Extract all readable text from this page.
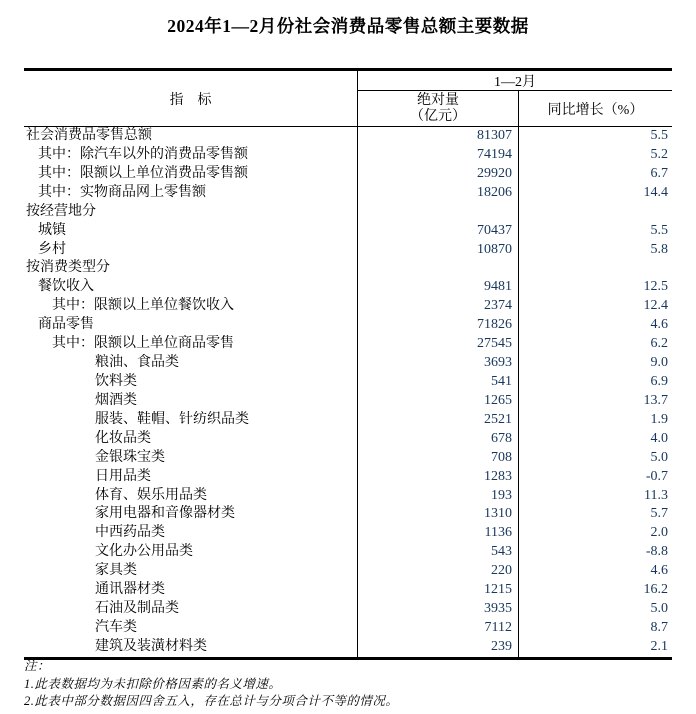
2024年1—2月份社会消费品零售总额主要数据
指　标
1—2月
绝对量
（亿元）	同比增长（%）
社会消费品零售总额	81307	5.5
其中：除汽车以外的消费品零售额	74194	5.2
其中：限额以上单位消费品零售额	29920	6.7
其中：实物商品网上零售额	18206	14.4
按经营地分
城镇	70437	5.5
乡村	10870	5.8
按消费类型分
餐饮收入	9481	12.5
其中：限额以上单位餐饮收入	2374	12.4
商品零售	71826	4.6
其中：限额以上单位商品零售	27545	6.2
粮油、食品类	3693	9.0
饮料类	541	6.9
烟酒类	1265	13.7
服装、鞋帽、针纺织品类	2521	1.9
化妆品类	678	4.0
金银珠宝类	708	5.0
日用品类	1283	-0.7
体育、娱乐用品类	193	11.3
家用电器和音像器材类	1310	5.7
中西药品类	1136	2.0
文化办公用品类	543	-8.8
家具类	220	4.6
通讯器材类	1215	16.2
石油及制品类	3935	5.0
汽车类	7112	8.7
建筑及装潢材料类	239	2.1
注：
1.此表数据均为未扣除价格因素的名义增速。
2.此表中部分数据因四舍五入，存在总计与分项合计不等的情况。
